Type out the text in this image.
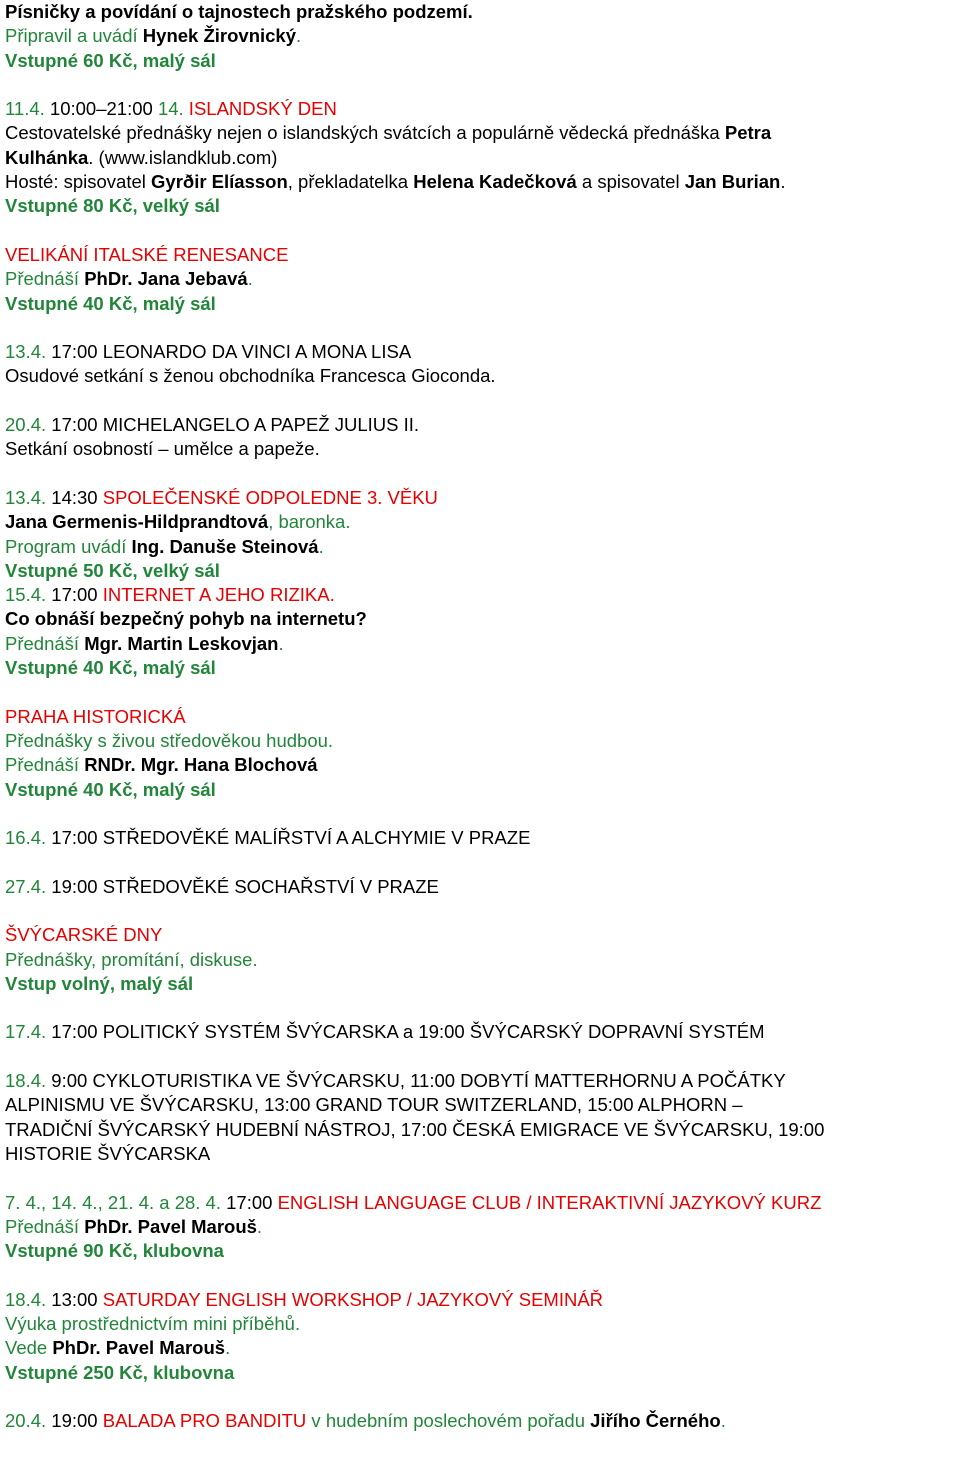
Písničky a povídání o tajnostech pražského podzemí.
Připravil a uvádí Hynek Žirovnický.
Vstupné 60 Kč, malý sál
11.4. 10:00–21:00 14. ISLANDSKÝ DEN
Cestovatelské přednášky nejen o islandských svátcích a populárně vědecká přednáška Petra
Kulhánka. (www.islandklub.com)
Hosté: spisovatel Gyrðir Elíasson, překladatelka Helena Kadečková a spisovatel Jan Burian.
Vstupné 80 Kč, velký sál
VELIKÁNÍ ITALSKÉ RENESANCE
Přednáší PhDr. Jana Jebavá.
Vstupné 40 Kč, malý sál
13.4. 17:00 LEONARDO DA VINCI A MONA LISA
Osudové setkání s ženou obchodníka Francesca Gioconda.
20.4. 17:00 MICHELANGELO A PAPEŽ JULIUS II.
Setkání osobností – umělce a papeže.
13.4. 14:30 SPOLEČENSKÉ ODPOLEDNE 3. VĚKU
Jana Germenis-Hildprandtová, baronka.
Program uvádí Ing. Danuše Steinová.
Vstupné 50 Kč, velký sál
15.4. 17:00 INTERNET A JEHO RIZIKA.
Co obnáší bezpečný pohyb na internetu?
Přednáší Mgr. Martin Leskovjan.
Vstupné 40 Kč, malý sál
PRAHA HISTORICKÁ
Přednášky s živou středověkou hudbou.
Přednáší RNDr. Mgr. Hana Blochová
Vstupné 40 Kč, malý sál
16.4. 17:00 STŘEDOVĚKÉ MALÍŘSTVÍ A ALCHYMIE V PRAZE
27.4. 19:00 STŘEDOVĚKÉ SOCHAŘSTVÍ V PRAZE
ŠVÝCARSKÉ DNY
Přednášky, promítání, diskuse.
Vstup volný, malý sál
17.4. 17:00 POLITICKÝ SYSTÉM ŠVÝCARSKA a 19:00 ŠVÝCARSKÝ DOPRAVNÍ SYSTÉM
18.4. 9:00 CYKLOTURISTIKA VE ŠVÝCARSKU, 11:00 DOBYTÍ MATTERHORNU A POČÁTKY
ALPINISMU VE ŠVÝCARSKU, 13:00 GRAND TOUR SWITZERLAND, 15:00 ALPHORN –
TRADIČNÍ ŠVÝCARSKÝ HUDEBNÍ NÁSTROJ, 17:00 ČESKÁ EMIGRACE VE ŠVÝCARSKU, 19:00
HISTORIE ŠVÝCARSKA
7. 4., 14. 4., 21. 4. a 28. 4. 17:00 ENGLISH LANGUAGE CLUB / INTERAKTIVNÍ JAZYKOVÝ KURZ
Přednáší PhDr. Pavel Marouš.
Vstupné 90 Kč, klubovna
18.4. 13:00 SATURDAY ENGLISH WORKSHOP / JAZYKOVÝ SEMINÁŘ
Výuka prostřednictvím mini příběhů.
Vede PhDr. Pavel Marouš.
Vstupné 250 Kč, klubovna
20.4. 19:00 BALADA PRO BANDITU v hudebním poslechovém pořadu Jiřího Černého.
